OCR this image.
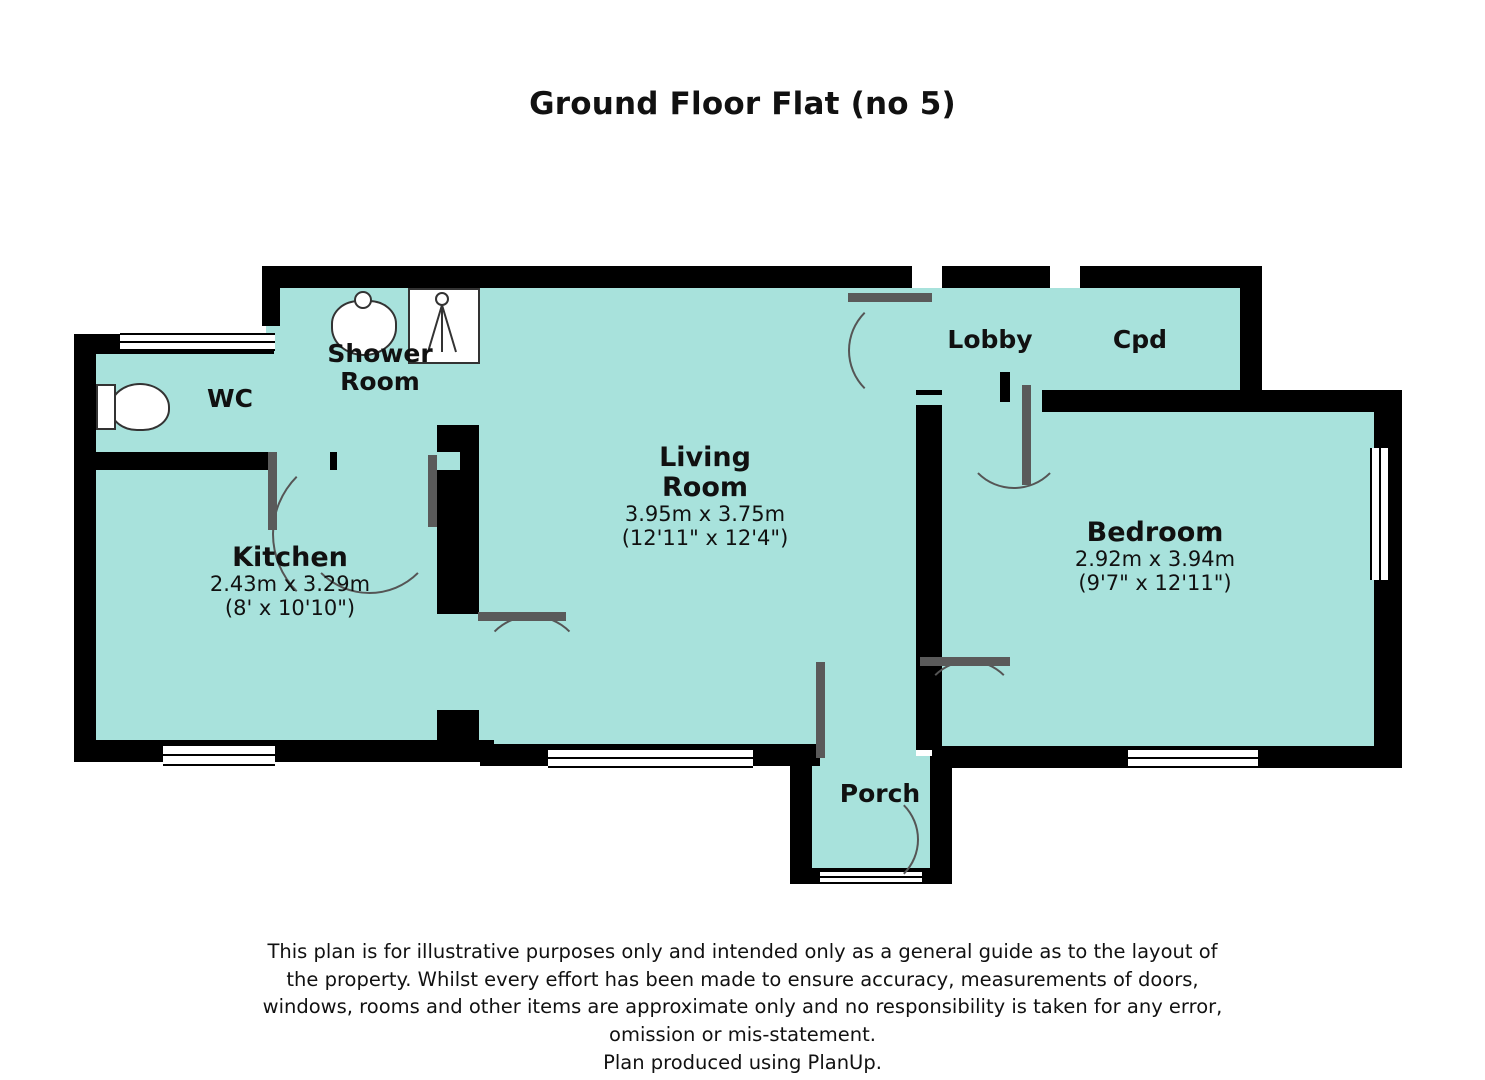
Ground Floor Flat (no 5)
WC
Shower
Room
Kitchen
2.43m x 3.29m
(8' x 10'10")
Living
Room
3.95m x 3.75m
(12'11" x 12'4")
Lobby	Cpd
Bedroom
2.92m x 3.94m
(9'7" x 12'11")
Porch
This plan is for illustrative purposes only and intended only as a general guide as to the layout of
the property. Whilst every effort has been made to ensure accuracy, measurements of doors,
windows, rooms and other items are approximate only and no responsibility is taken for any error,
omission or mis-statement.
Plan produced using PlanUp.
